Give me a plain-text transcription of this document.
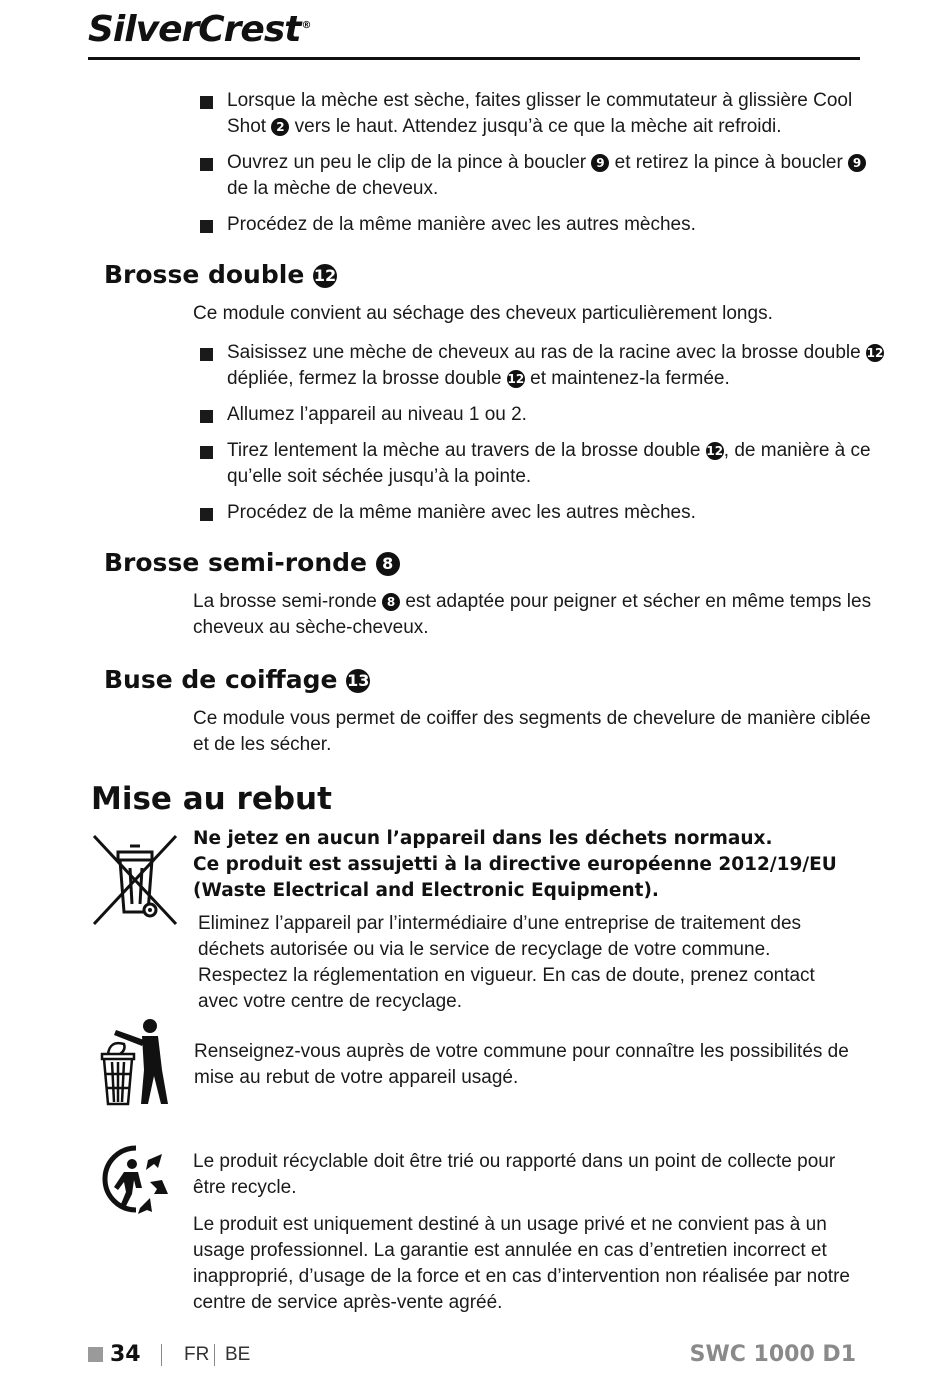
SilverCrest®
Lorsque la mèche est sèche, faites glisser le commutateur à glissière Cool
Shot 2 vers le haut. Attendez jusqu’à ce que la mèche ait refroidi.
Ouvrez un peu le clip de la pince à boucler 9 et retirez la pince à boucler 9
de la mèche de cheveux.
Procédez de la même manière avec les autres mèches.
Brosse double 12
Ce module convient au séchage des cheveux particulièrement longs.
Saisissez une mèche de cheveux au ras de la racine avec la brosse double 12
dépliée, fermez la brosse double 12 et maintenez-la fermée.
Allumez l’appareil au niveau 1 ou 2.
Tirez lentement la mèche au travers de la brosse double 12, de manière à ce
qu’elle soit séchée jusqu’à la pointe.
Procédez de la même manière avec les autres mèches.
Brosse semi-ronde 8
La brosse semi-ronde 8 est adaptée pour peigner et sécher en même temps les
cheveux au sèche-cheveux.
Buse de coiffage 13
Ce module vous permet de coiffer des segments de chevelure de manière ciblée
et de les sécher.
Mise au rebut
Ne jetez en aucun l’appareil dans les déchets normaux.
Ce produit est assujetti à la directive européenne 2012/19/EU
(Waste Electrical and Electronic Equipment).
Eliminez l’appareil par l’intermédiaire d’une entreprise de traitement des
déchets autorisée ou via le service de recyclage de votre commune.
Respectez la réglementation en vigueur. En cas de doute, prenez contact
avec votre centre de recyclage.
Renseignez-vous auprès de votre commune pour connaître les possibilités de
mise au rebut de votre appareil usagé.
Le produit récyclable doit être trié ou rapporté dans un point de collecte pour
être recycle.
Le produit est uniquement destiné à un usage privé et ne convient pas à un
usage professionnel. La garantie est annulée en cas d’entretien incorrect et
inapproprié, d’usage de la force et en cas d’intervention non réalisée par notre
centre de service après-vente agréé.
34 FR BE	SWC 1000 D1
